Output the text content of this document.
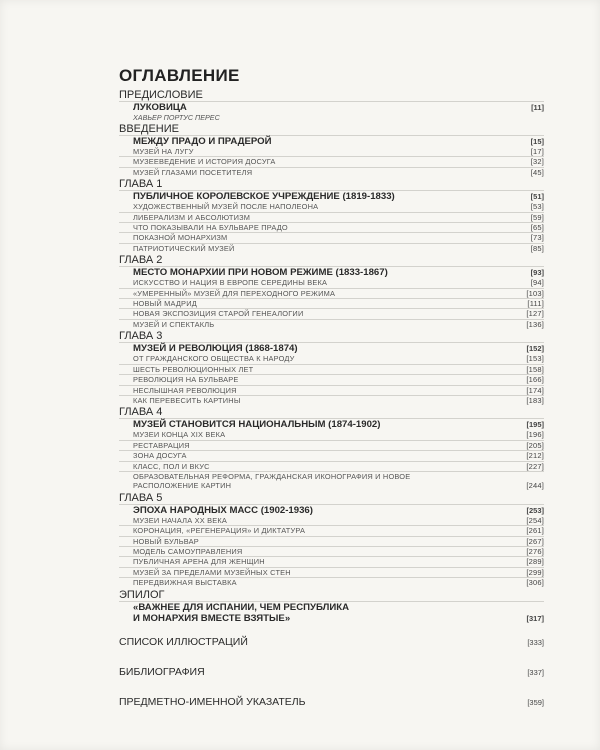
ОГЛАВЛЕНИЕ
ПРЕДИСЛОВИЕ
ЛУКОВИЦА	[11]
ХАВЬЕР ПОРТУС ПЕРЕС
ВВЕДЕНИЕ
МЕЖДУ ПРАДО И ПРАДЕРОЙ	[15]
МУЗЕЙ НА ЛУГУ	[17]
МУЗЕЕВЕДЕНИЕ И ИСТОРИЯ ДОСУГА	[32]
МУЗЕЙ ГЛАЗАМИ ПОСЕТИТЕЛЯ	[45]
ГЛАВА 1
ПУБЛИЧНОЕ КОРОЛЕВСКОЕ УЧРЕЖДЕНИЕ (1819-1833)	[51]
ХУДОЖЕСТВЕННЫЙ МУЗЕЙ ПОСЛЕ НАПОЛЕОНА	[53]
ЛИБЕРАЛИЗМ И АБСОЛЮТИЗМ	[59]
ЧТО ПОКАЗЫВАЛИ НА БУЛЬВАРЕ ПРАДО	[65]
ПОКАЗНОЙ МОНАРХИЗМ	[73]
ПАТРИОТИЧЕСКИЙ МУЗЕЙ	[85]
ГЛАВА 2
МЕСТО МОНАРХИИ ПРИ НОВОМ РЕЖИМЕ (1833-1867)	[93]
ИСКУССТВО И НАЦИЯ В ЕВРОПЕ СЕРЕДИНЫ ВЕКА	[94]
«УМЕРЕННЫЙ» МУЗЕЙ ДЛЯ ПЕРЕХОДНОГО РЕЖИМА	[103]
НОВЫЙ МАДРИД	[111]
НОВАЯ ЭКСПОЗИЦИЯ СТАРОЙ ГЕНЕАЛОГИИ	[127]
МУЗЕЙ И СПЕКТАКЛЬ	[136]
ГЛАВА 3
МУЗЕЙ И РЕВОЛЮЦИЯ (1868-1874)	[152]
ОТ ГРАЖДАНСКОГО ОБЩЕСТВА К НАРОДУ	[153]
ШЕСТЬ РЕВОЛЮЦИОННЫХ ЛЕТ	[158]
РЕВОЛЮЦИЯ НА БУЛЬВАРЕ	[166]
НЕСЛЫШНАЯ РЕВОЛЮЦИЯ	[174]
КАК ПЕРЕВЕСИТЬ КАРТИНЫ	[183]
ГЛАВА 4
МУЗЕЙ СТАНОВИТСЯ НАЦИОНАЛЬНЫМ (1874-1902)	[195]
МУЗЕИ КОНЦА XIX ВЕКА	[196]
РЕСТАВРАЦИЯ	[205]
ЗОНА ДОСУГА	[212]
КЛАСС, ПОЛ И ВКУС	[227]
ОБРАЗОВАТЕЛЬНАЯ РЕФОРМА, ГРАЖДАНСКАЯ ИКОНОГРАФИЯ И НОВОЕ
РАСПОЛОЖЕНИЕ КАРТИН	[244]
ГЛАВА 5
ЭПОХА НАРОДНЫХ МАСС (1902-1936)	[253]
МУЗЕИ НАЧАЛА XX ВЕКА	[254]
КОРОНАЦИЯ, «РЕГЕНЕРАЦИЯ» И ДИКТАТУРА	[261]
НОВЫЙ БУЛЬВАР	[267]
МОДЕЛЬ САМОУПРАВЛЕНИЯ	[276]
ПУБЛИЧНАЯ АРЕНА ДЛЯ ЖЕНЩИН	[289]
МУЗЕЙ ЗА ПРЕДЕЛАМИ МУЗЕЙНЫХ СТЕН	[299]
ПЕРЕДВИЖНАЯ ВЫСТАВКА	[306]
ЭПИЛОГ
«ВАЖНЕЕ ДЛЯ ИСПАНИИ, ЧЕМ РЕСПУБЛИКА
И МОНАРХИЯ ВМЕСТЕ ВЗЯТЫЕ»	[317]
СПИСОК ИЛЛЮСТРАЦИЙ	[333]
БИБЛИОГРАФИЯ	[337]
ПРЕДМЕТНО-ИМЕННОЙ УКАЗАТЕЛЬ	[359]
